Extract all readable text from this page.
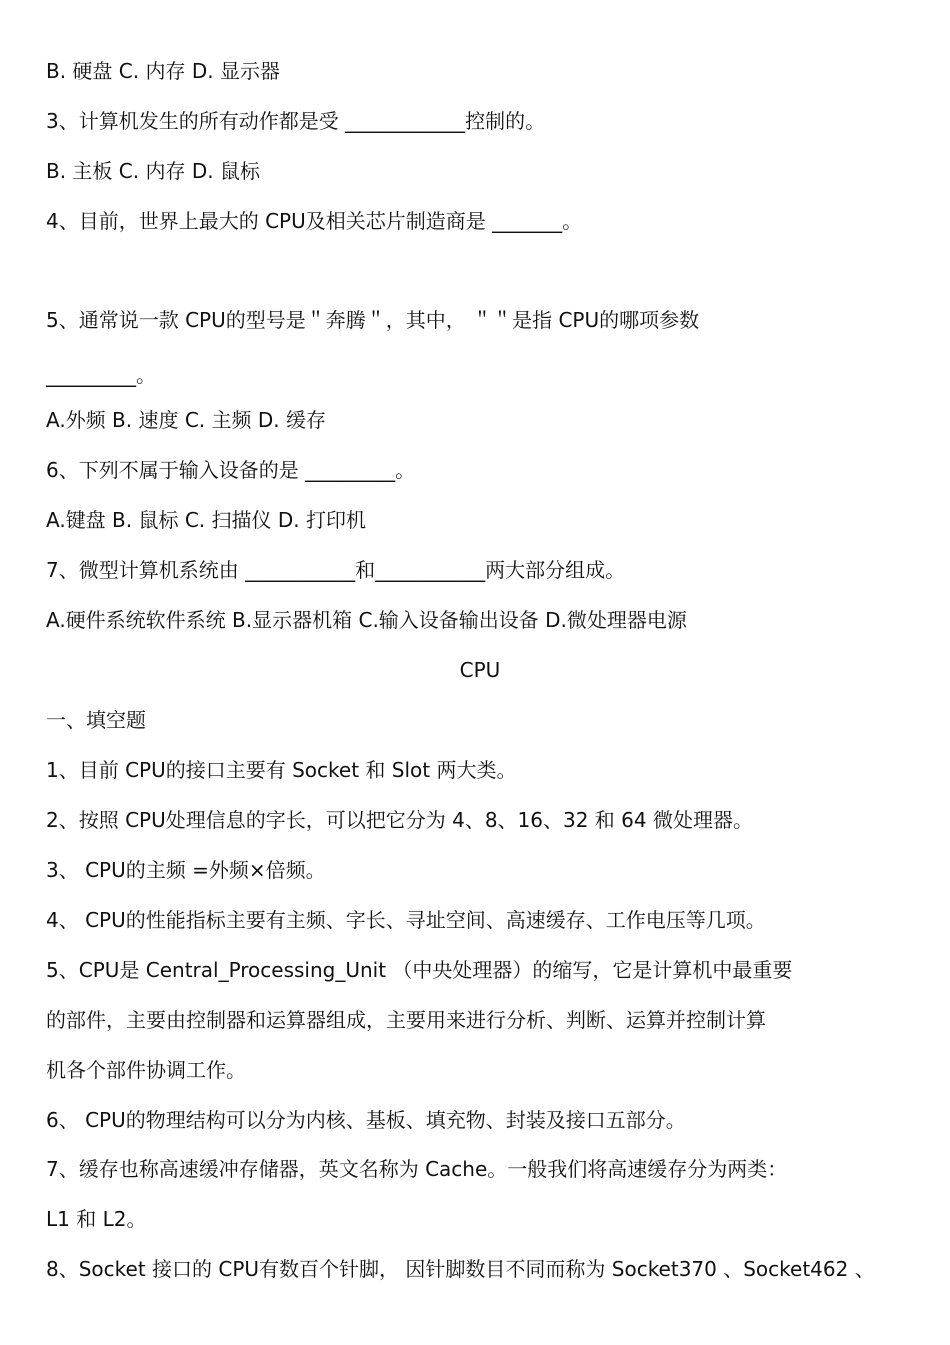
B. 硬盘 C. 内存 D. 显示器
3、计算机发生的所有动作都是受 ____________控制的。
B. 主板 C. 内存 D. 鼠标
4、目前，世界上最大的 CPU及相关芯片制造商是 _______。
5、通常说一款 CPU的型号是＂奔腾＂，其中， ＂＂是指 CPU的哪项参数
_________。
A.外频 B. 速度 C. 主频 D. 缓存
6、下列不属于输入设备的是 _________。
A.键盘 B. 鼠标 C. 扫描仪 D. 打印机
7、微型计算机系统由 ___________和___________两大部分组成。
A.硬件系统软件系统 B.显示器机箱 C.输入设备输出设备 D.微处理器电源
CPU
一、填空题
1、目前 CPU的接口主要有 Socket 和 Slot 两大类。
2、按照 CPU处理信息的字长，可以把它分为 4、8、16、32 和 64 微处理器。
3、 CPU的主频 =外频×倍频。
4、 CPU的性能指标主要有主频、字长、寻址空间、高速缓存、工作电压等几项。
5、CPU是 Central_Processing_Unit （中央处理器）的缩写，它是计算机中最重要
的部件，主要由控制器和运算器组成，主要用来进行分析、判断、运算并控制计算
机各个部件协调工作。
6、 CPU的物理结构可以分为内核、基板、填充物、封装及接口五部分。
7、缓存也称高速缓冲存储器，英文名称为 Cache。一般我们将高速缓存分为两类：
L1 和 L2。
8、Socket 接口的 CPU有数百个针脚， 因针脚数目不同而称为 Socket370 、Socket462 、
